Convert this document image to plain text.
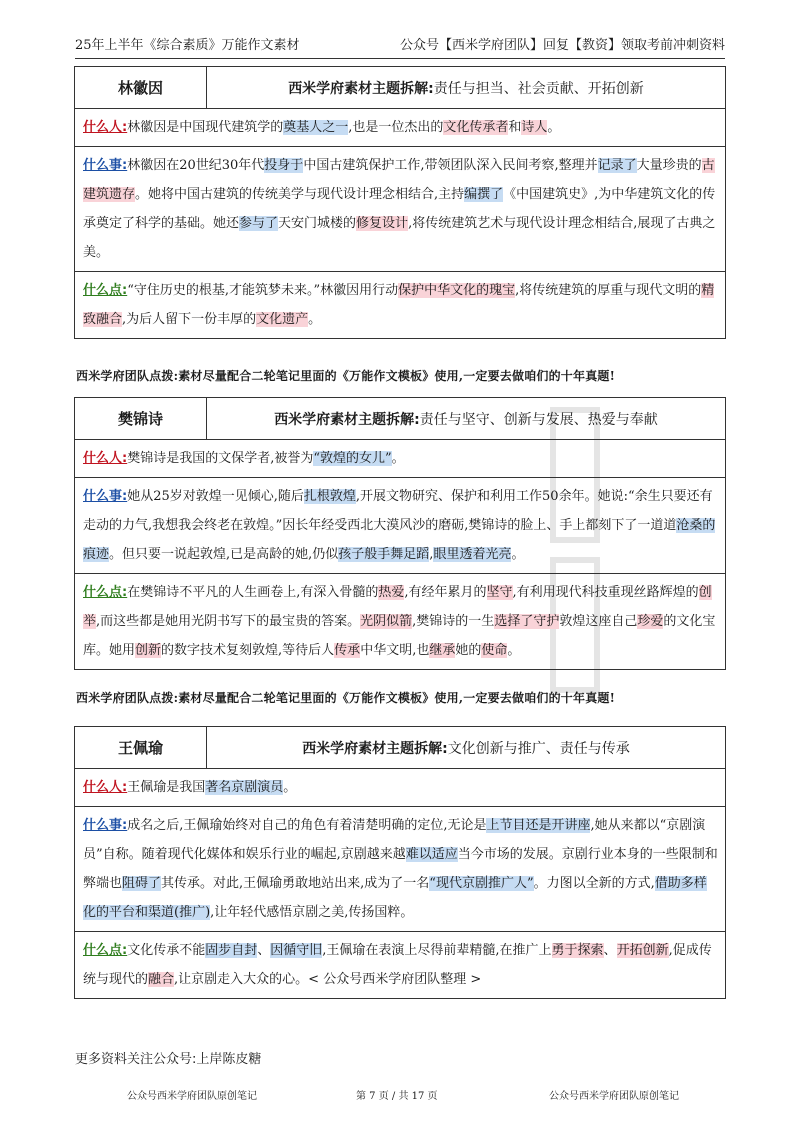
25年上半年《综合素质》万能作文素材	公众号【西米学府团队】回复【教资】领取考前冲刺资料
林徽因	西米学府素材主题拆解: 责任与担当、社会贡献、开拓创新
什么人:林徽因是中国现代建筑学的奠基人之一,也是一位杰出的文化传承者和诗人。
什么事:林徽因在20世纪30年代投身于中国古建筑保护工作,带领团队深入民间考察,整理并记录了大量珍贵的古建筑遗存。她将中国古建筑的传统美学与现代设计理念相结合,主持编撰了《中国建筑史》,为中华建筑文化的传承奠定了科学的基础。她还参与了天安门城楼的修复设计,将传统建筑艺术与现代设计理念相结合,展现了古典之美。
什么点:“守住历史的根基,才能筑梦未来。”林徽因用行动保护中华文化的瑰宝,将传统建筑的厚重与现代文明的精致融合,为后人留下一份丰厚的文化遗产。
西米学府团队点拨:素材尽量配合二轮笔记里面的《万能作文模板》使用,一定要去做咱们的十年真题!
樊锦诗	西米学府素材主题拆解: 责任与坚守、创新与发展、热爱与奉献
什么人:樊锦诗是我国的文保学者,被誉为“敦煌的女儿”。
什么事:她从25岁对敦煌一见倾心,随后扎根敦煌,开展文物研究、保护和利用工作50余年。她说:“余生只要还有走动的力气,我想我会终老在敦煌。”因长年经受西北大漠风沙的磨砺,樊锦诗的脸上、手上都刻下了一道道沧桑的痕迹。但只要一说起敦煌,已是高龄的她,仍似孩子般手舞足蹈,眼里透着光亮。
什么点:在樊锦诗不平凡的人生画卷上,有深入骨髓的热爱,有经年累月的坚守,有利用现代科技重现丝路辉煌的创举,而这些都是她用光阴书写下的最宝贵的答案。光阴似箭,樊锦诗的一生选择了守护敦煌这座自己珍爱的文化宝库。她用创新的数字技术复刻敦煌,等待后人传承中华文明,也继承她的使命。
西米学府团队点拨:素材尽量配合二轮笔记里面的《万能作文模板》使用,一定要去做咱们的十年真题!
王佩瑜	西米学府素材主题拆解: 文化创新与推广、责任与传承
什么人:王佩瑜是我国著名京剧演员。
什么事:成名之后,王佩瑜始终对自己的角色有着清楚明确的定位,无论是上节目还是开讲座,她从来都以“京剧演员”自称。随着现代化媒体和娱乐行业的崛起,京剧越来越难以适应当今市场的发展。京剧行业本身的一些限制和弊端也阻碍了其传承。对此,王佩瑜勇敢地站出来,成为了一名“现代京剧推广人”。力图以全新的方式,借助多样化的平台和渠道(推广),让年轻代感悟京剧之美,传扬国粹。
什么点:文化传承不能固步自封、因循守旧,王佩瑜在表演上尽得前辈精髓,在推广上勇于探索、开拓创新,促成传统与现代的融合,让京剧走入大众的心。< 公众号西米学府团队整理 >
更多资料关注公众号:上岸陈皮糖
公众号西米学府团队原创笔记	第 7 页 / 共 17 页	公众号西米学府团队原创笔记
